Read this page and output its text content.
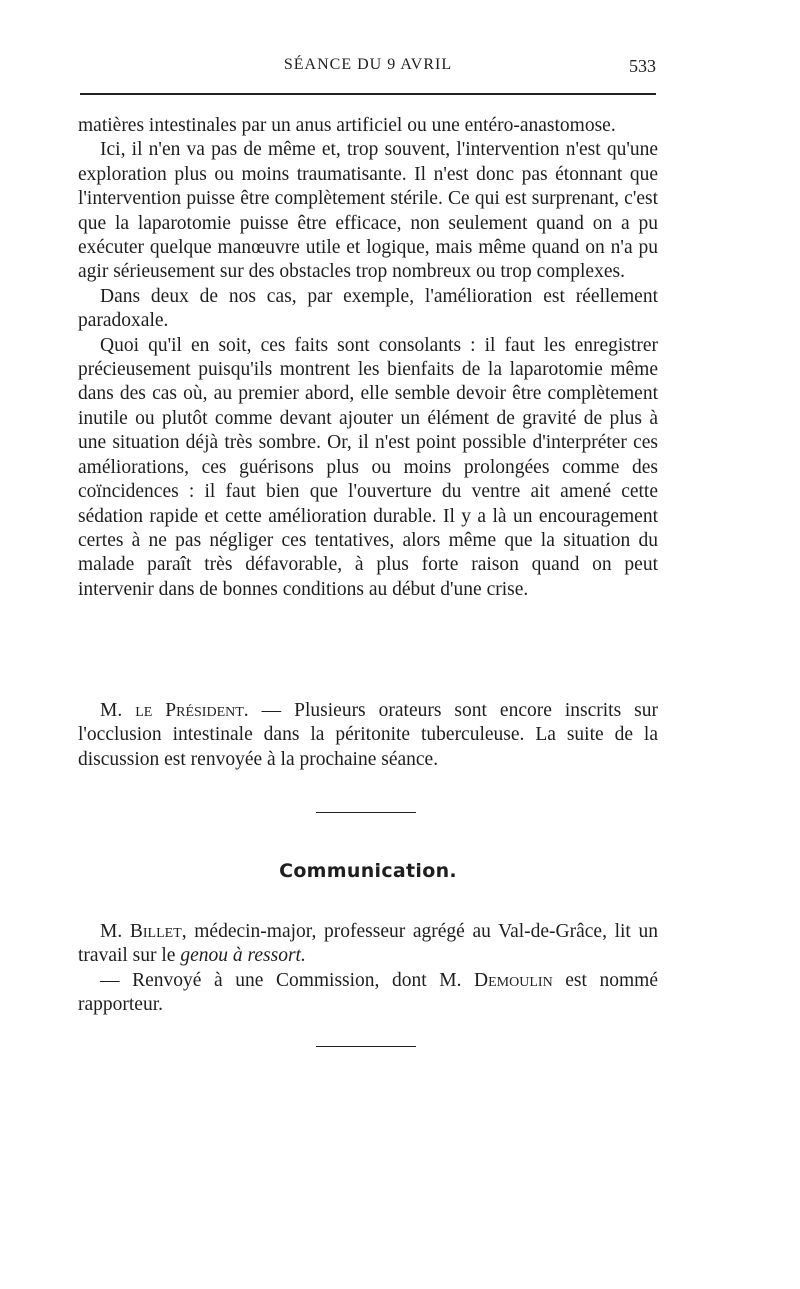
SÉANCE DU 9 AVRIL	533

matières intestinales par un anus artificiel ou une entéro-anastomose.

Ici, il n'en va pas de même et, trop souvent, l'intervention n'est qu'une exploration plus ou moins traumatisante. Il n'est donc pas étonnant que l'intervention puisse être complètement stérile. Ce qui est surprenant, c'est que la laparotomie puisse être efficace, non seulement quand on a pu exécuter quelque manœuvre utile et logique, mais même quand on n'a pu agir sérieusement sur des obstacles trop nombreux ou trop complexes.

Dans deux de nos cas, par exemple, l'amélioration est réellement paradoxale.

Quoi qu'il en soit, ces faits sont consolants : il faut les enregistrer précieusement puisqu'ils montrent les bienfaits de la laparotomie même dans des cas où, au premier abord, elle semble devoir être complètement inutile ou plutôt comme devant ajouter un élément de gravité de plus à une situation déjà très sombre. Or, il n'est point possible d'interpréter ces améliorations, ces guérisons plus ou moins prolongées comme des coïncidences : il faut bien que l'ouverture du ventre ait amené cette sédation rapide et cette amélioration durable. Il y a là un encouragement certes à ne pas négliger ces tentatives, alors même que la situation du malade paraît très défavorable, à plus forte raison quand on peut intervenir dans de bonnes conditions au début d'une crise.

M. le Président. — Plusieurs orateurs sont encore inscrits sur l'occlusion intestinale dans la péritonite tuberculeuse. La suite de la discussion est renvoyée à la prochaine séance.

Communication.

M. Billet, médecin-major, professeur agrégé au Val-de-Grâce, lit un travail sur le genou à ressort.

— Renvoyé à une Commission, dont M. Demoulin est nommé rapporteur.
